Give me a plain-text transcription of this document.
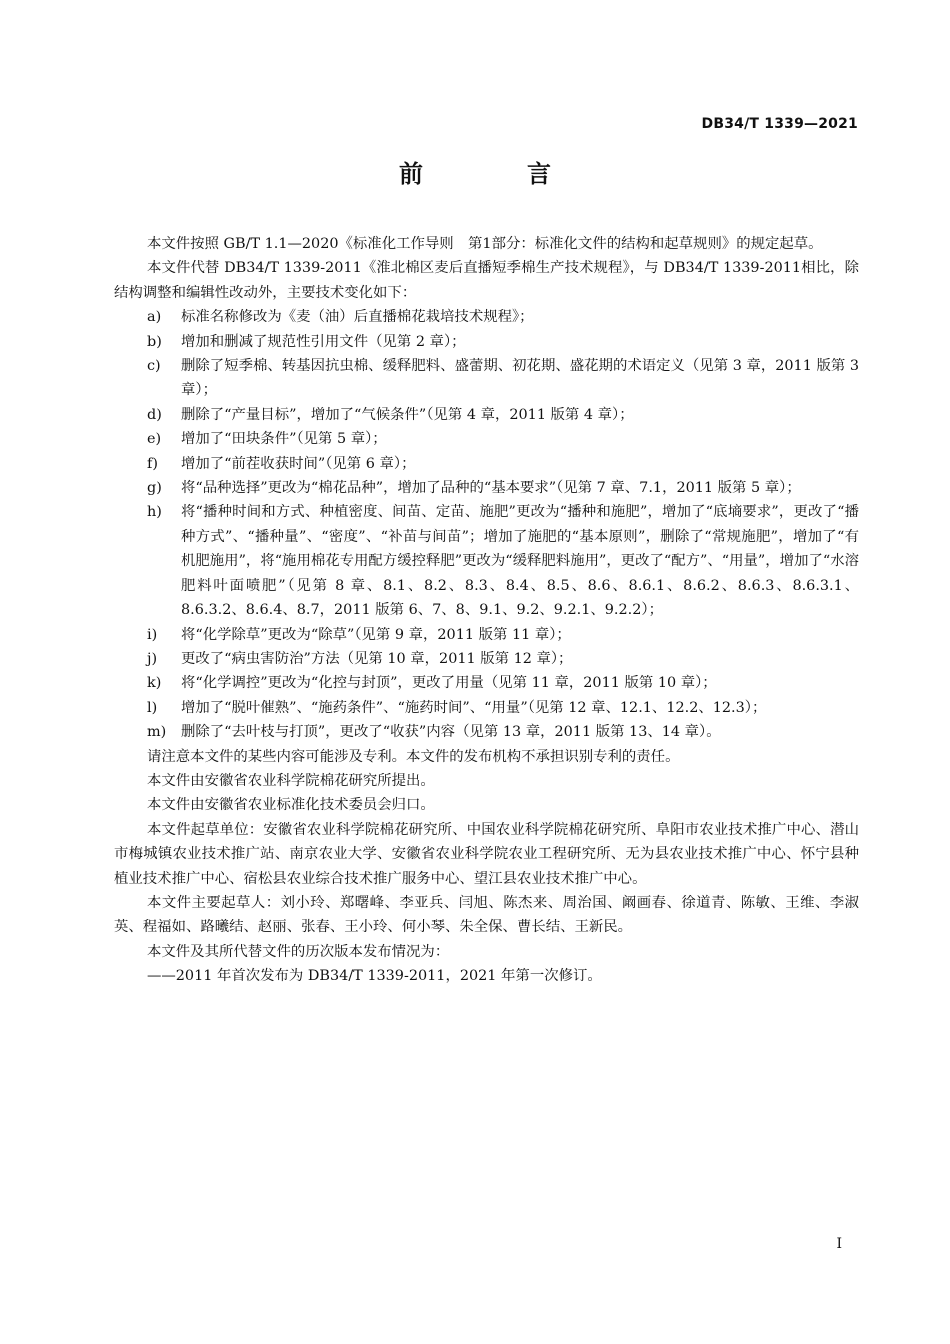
DB34/T 1339—2021
前　言

本文件按照 GB/T 1.1—2020《标准化工作导则　第1部分：标准化文件的结构和起草规则》的规定起草。

本文件代替 DB34/T 1339-2011《淮北棉区麦后直播短季棉生产技术规程》，与 DB34/T 1339-2011相比，除结构调整和编辑性改动外，主要技术变化如下：

a) 标准名称修改为《麦（油）后直播棉花栽培技术规程》；
b) 增加和删减了规范性引用文件（见第 2 章）；
c) 删除了短季棉、转基因抗虫棉、缓释肥料、盛蕾期、初花期、盛花期的术语定义（见第 3 章，2011 版第 3 章）；
d) 删除了“产量目标”，增加了“气候条件”（见第 4 章，2011 版第 4 章）；
e) 增加了“田块条件”（见第 5 章）；
f) 增加了“前茬收获时间”（见第 6 章）；
g) 将“品种选择”更改为“棉花品种”，增加了品种的“基本要求”（见第 7 章、7.1，2011 版第 5 章）；
h) 将“播种时间和方式、种植密度、间苗、定苗、施肥”更改为“播种和施肥”，增加了“底墒要求”，更改了“播种方式”、“播种量”、“密度”、“补苗与间苗”；增加了施肥的“基本原则”，删除了“常规施肥”，增加了“有机肥施用”，将“施用棉花专用配方缓控释肥”更改为“缓释肥料施用”，更改了“配方”、“用量”，增加了“水溶肥料叶面喷肥”（见第 8 章、8.1、8.2、8.3、8.4、8.5、8.6、8.6.1、8.6.2、8.6.3、8.6.3.1、8.6.3.2、8.6.4、8.7，2011 版第 6、7、8、9.1、9.2、9.2.1、9.2.2）；
i) 将“化学除草”更改为“除草”（见第 9 章，2011 版第 11 章）；
j) 更改了“病虫害防治”方法（见第 10 章，2011 版第 12 章）；
k) 将“化学调控”更改为“化控与封顶”，更改了用量（见第 11 章，2011 版第 10 章）；
l) 增加了“脱叶催熟”、“施药条件”、“施药时间”、“用量”（见第 12 章、12.1、12.2、12.3）；
m) 删除了“去叶枝与打顶”，更改了“收获”内容（见第 13 章，2011 版第 13、14 章）。

请注意本文件的某些内容可能涉及专利。本文件的发布机构不承担识别专利的责任。

本文件由安徽省农业科学院棉花研究所提出。

本文件由安徽省农业标准化技术委员会归口。

本文件起草单位：安徽省农业科学院棉花研究所、中国农业科学院棉花研究所、阜阳市农业技术推广中心、潜山市梅城镇农业技术推广站、南京农业大学、安徽省农业科学院农业工程研究所、无为县农业技术推广中心、怀宁县种植业技术推广中心、宿松县农业综合技术推广服务中心、望江县农业技术推广中心。

本文件主要起草人：刘小玲、郑曙峰、李亚兵、闫旭、陈杰来、周治国、阚画春、徐道青、陈敏、王维、李淑英、程福如、路曦结、赵丽、张春、王小玲、何小琴、朱全保、曹长结、王新民。

本文件及其所代替文件的历次版本发布情况为：

——2011 年首次发布为 DB34/T 1339-2011，2021 年第一次修订。

I
